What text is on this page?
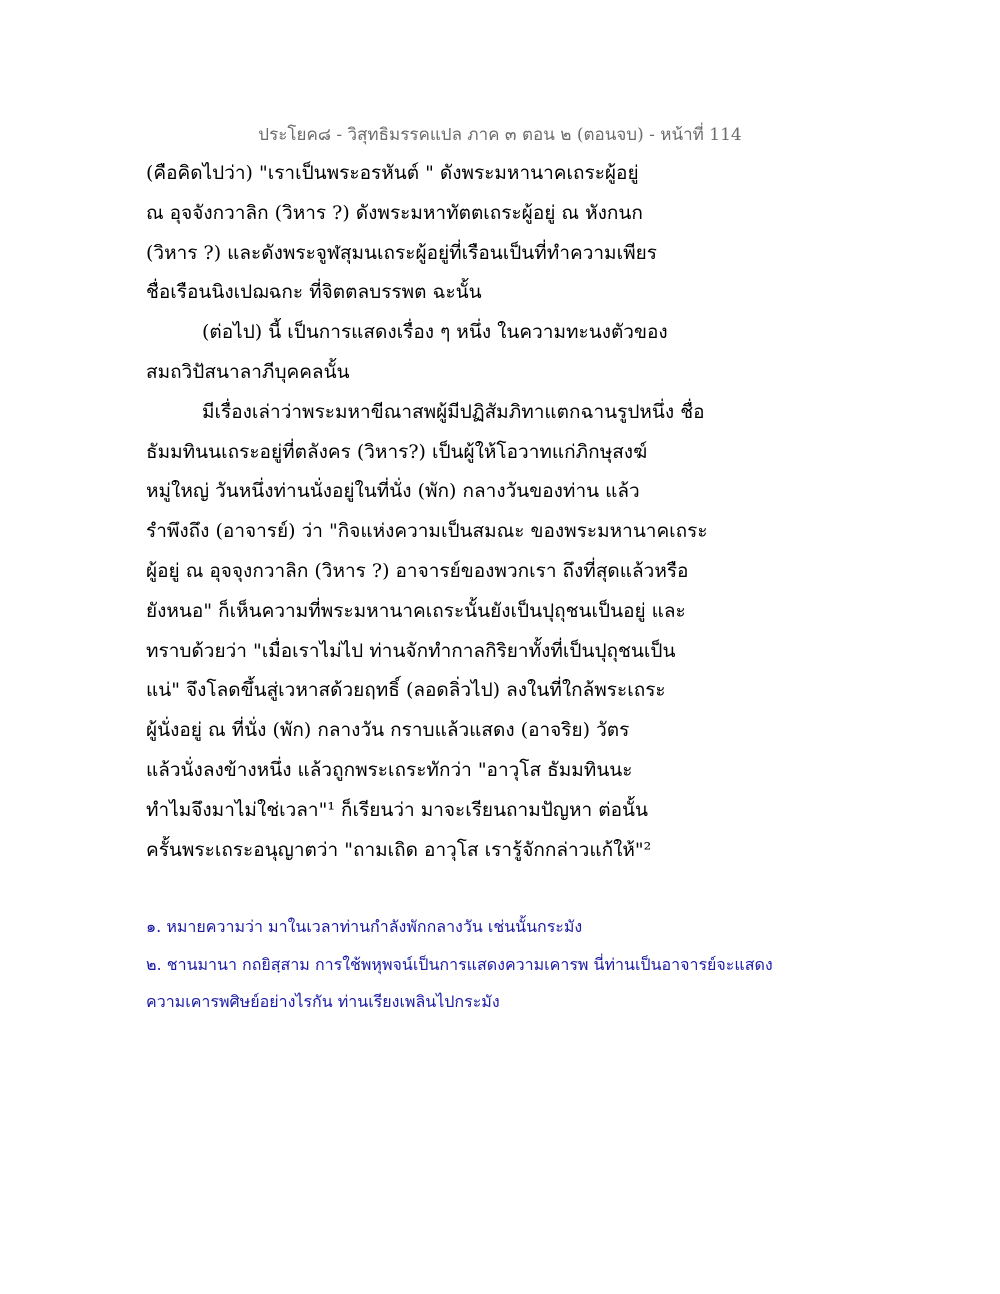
ประโยค๘ - วิสุทธิมรรคแปล ภาค ๓ ตอน ๒ (ตอนจบ) - หน้าที่ 114
(คือคิดไปว่า) "เราเป็นพระอรหันต์ " ดังพระมหานาคเถระผู้อยู่
ณ อุจจังกวาลิก (วิหาร ?) ดังพระมหาทัตตเถระผู้อยู่ ณ หังกนก
(วิหาร ?) และดังพระจูฬสุมนเถระผู้อยู่ที่เรือนเป็นที่ทำความเพียร
ชื่อเรือนนิงเปฌฉกะ ที่จิตตลบรรพต ฉะนั้น
(ต่อไป) นี้ เป็นการแสดงเรื่อง ๆ หนึ่ง ในความทะนงตัวของ
สมถวิปัสนาลาภีบุคคลนั้น
มีเรื่องเล่าว่าพระมหาขีณาสพผู้มีปฏิสัมภิทาแตกฉานรูปหนึ่ง ชื่อ
ธัมมทินนเถระอยู่ที่ตลังคร (วิหาร?) เป็นผู้ให้โอวาทแก่ภิกษุสงฆ์
หมู่ใหญ่ วันหนึ่งท่านนั่งอยู่ในที่นั่ง (พัก) กลางวันของท่าน แล้ว
รำพึงถึง (อาจารย์) ว่า "กิจแห่งความเป็นสมณะ ของพระมหานาคเถระ
ผู้อยู่ ณ อุจจุงกวาลิก (วิหาร ?) อาจารย์ของพวกเรา ถึงที่สุดแล้วหรือ
ยังหนอ" ก็เห็นความที่พระมหานาคเถระนั้นยังเป็นปุถุชนเป็นอยู่ และ
ทราบด้วยว่า "เมื่อเราไม่ไป ท่านจักทำกาลกิริยาทั้งที่เป็นปุถุชนเป็น
แน่" จึงโลดขึ้นสู่เวหาสด้วยฤทธิ์ (ลอดลิ่วไป) ลงในที่ใกล้พระเถระ
ผู้นั่งอยู่ ณ ที่นั่ง (พัก) กลางวัน กราบแล้วแสดง (อาจริย) วัตร
แล้วนั่งลงข้างหนึ่ง แล้วถูกพระเถระทักว่า "อาวุโส ธัมมทินนะ
ทำไมจึงมาไม่ใช่เวลา"¹ ก็เรียนว่า มาจะเรียนถามปัญหา ต่อนั้น
ครั้นพระเถระอนุญาตว่า "ถามเถิด อาวุโส เรารู้จักกล่าวแก้ให้"²
๑. หมายความว่า มาในเวลาท่านกำลังพักกลางวัน เช่นนั้นกระมัง
๒. ชานมานา กถยิสฺสาม การใช้พหุพจน์เป็นการแสดงความเคารพ นี่ท่านเป็นอาจารย์จะแสดง
ความเคารพศิษย์อย่างไรกัน ท่านเรียงเพลินไปกระมัง
